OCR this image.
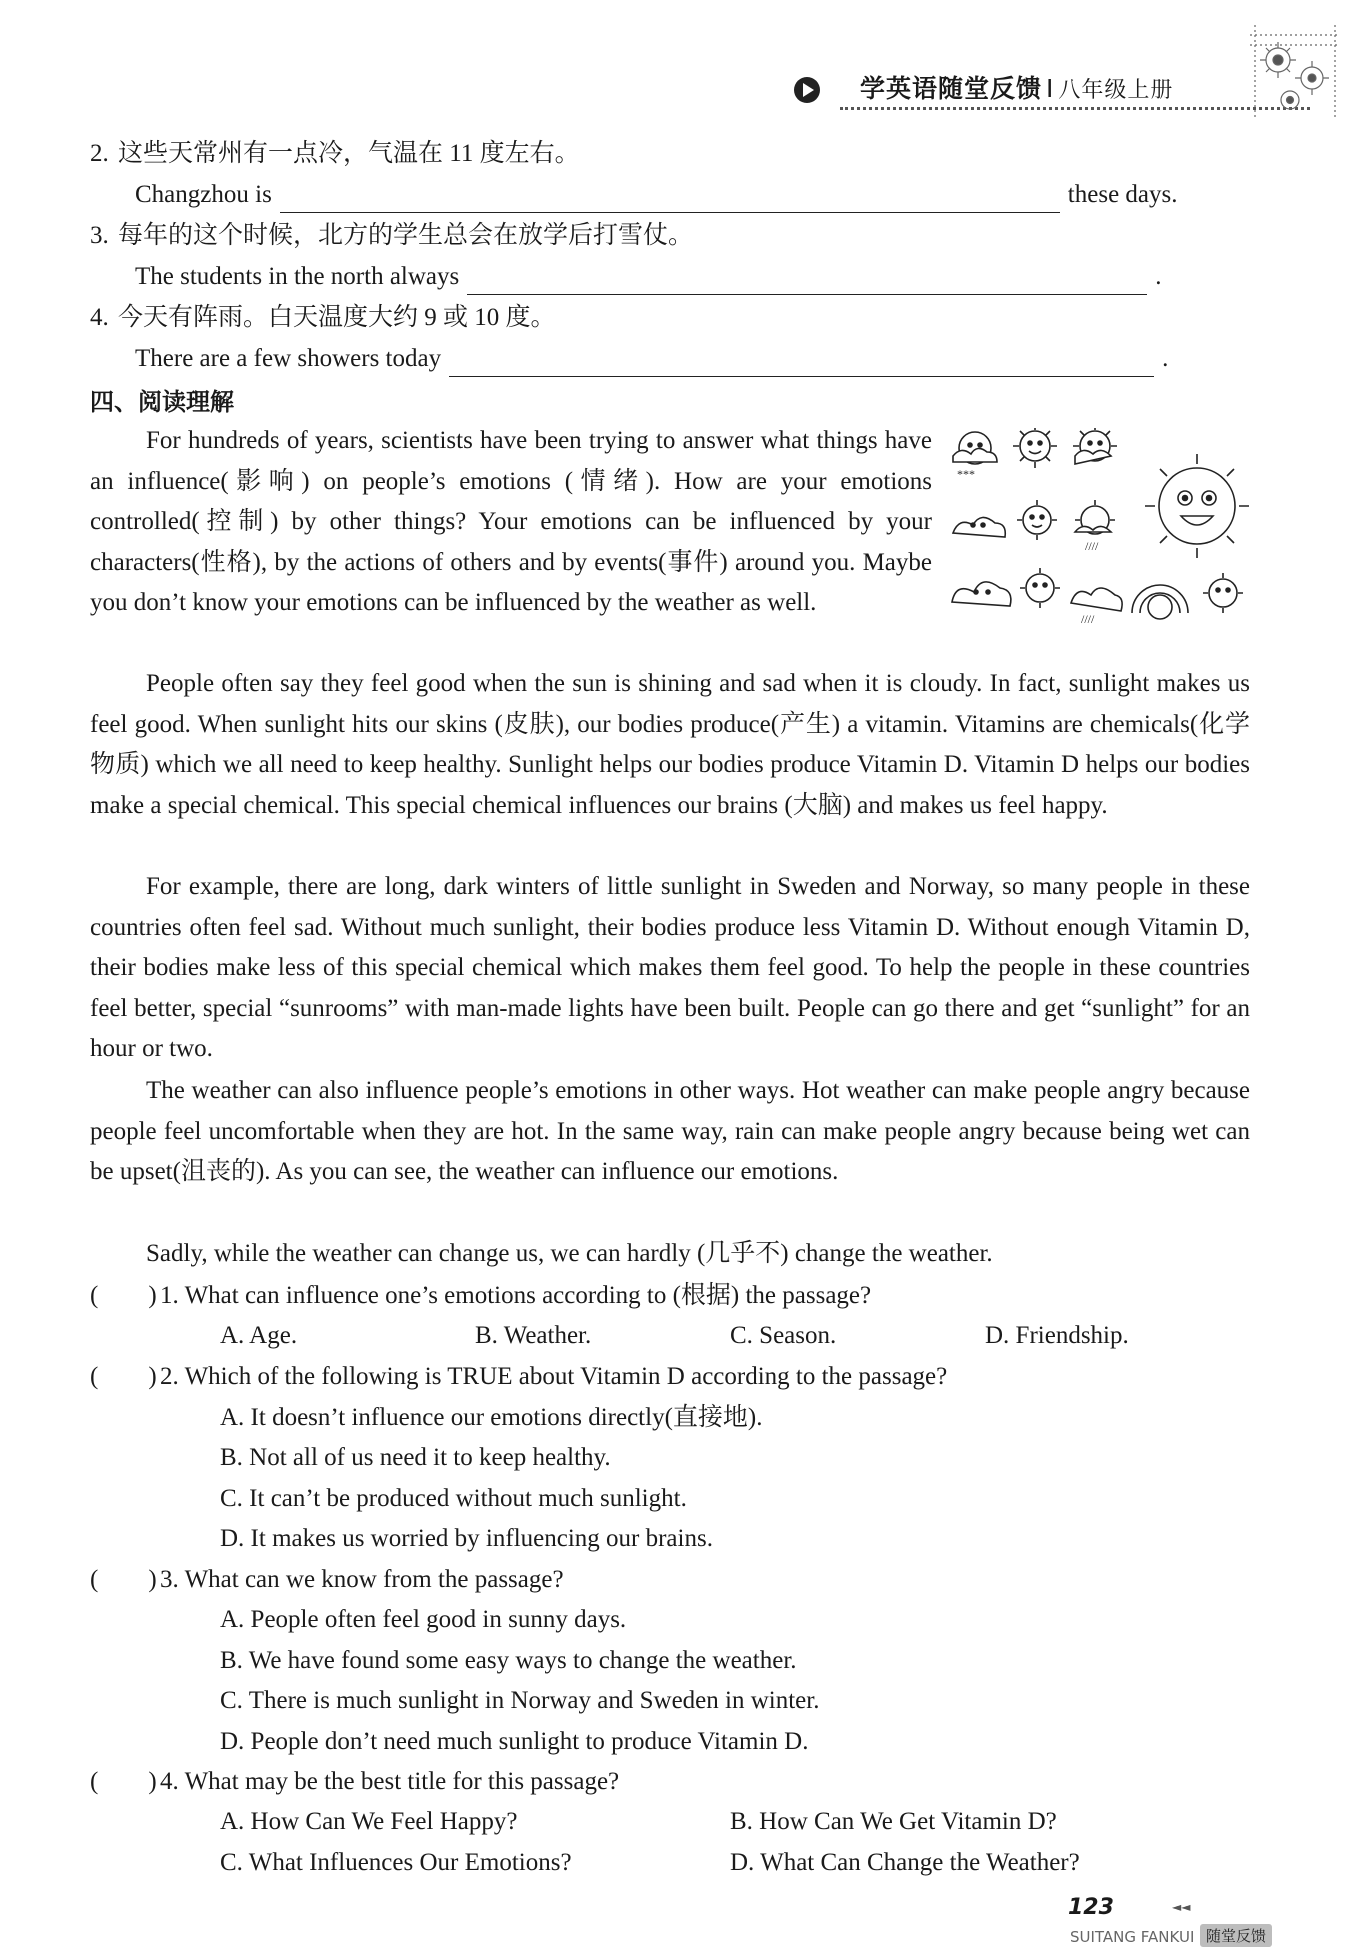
学英语随堂反馈 I 八年级上册
2. 这些天常州有一点冷，气温在 11 度左右。
Changzhou is	these days.
3. 每年的这个时候，北方的学生总会在放学后打雪仗。
The students in the north always	.
4. 今天有阵雨。白天温度大约 9 或 10 度。
There are a few showers today	.
四、阅读理解
***
////
////

For hundreds of years, scientists have been trying to answer what things have an influence(影响) on people’s emotions (情绪). How are your emotions controlled(控制) by other things? Your emotions can be influenced by your characters(性格), by the actions of others and by events(事件) around you. Maybe you don’t know your emotions can be influenced by the weather as well.

People often say they feel good when the sun is shining and sad when it is cloudy. In fact, sunlight makes us feel good. When sunlight hits our skins (皮肤), our bodies produce(产生) a vitamin. Vitamins are chemicals(化学物质) which we all need to keep healthy. Sunlight helps our bodies produce Vitamin D. Vitamin D helps our bodies make a special chemical. This special chemical influences our brains (大脑) and makes us feel happy.

For example, there are long, dark winters of little sunlight in Sweden and Norway, so many people in these countries often feel sad. Without much sunlight, their bodies produce less Vitamin D. Without enough Vitamin D, their bodies make less of this special chemical which makes them feel good. To help the people in these countries feel better, special “sunrooms” with man-made lights have been built. People can go there and get “sunlight” for an hour or two.

The weather can also influence people’s emotions in other ways. Hot weather can make people angry because people feel uncomfortable when they are hot. In the same way, rain can make people angry because being wet can be upset(沮丧的). As you can see, the weather can influence our emotions.

Sadly, while the weather can change us, we can hardly (几乎不) change the weather.

(　　) 1. What can influence one’s emotions according to (根据) the passage?
A. Age.	B. Weather.	C. Season.	D. Friendship.
(　　) 2. Which of the following is TRUE about Vitamin D according to the passage?
A. It doesn’t influence our emotions directly(直接地).
B. Not all of us need it to keep healthy.
C. It can’t be produced without much sunlight.
D. It makes us worried by influencing our brains.
(　　) 3. What can we know from the passage?
A. People often feel good in sunny days.
B. We have found some easy ways to change the weather.
C. There is much sunlight in Norway and Sweden in winter.
D. People don’t need much sunlight to produce Vitamin D.
(　　) 4. What may be the best title for this passage?
A. How Can We Feel Happy?	B. How Can We Get Vitamin D?
C. What Influences Our Emotions?	D. What Can Change the Weather?
123	◄◄
SUITANG FANKUI 随堂反馈
